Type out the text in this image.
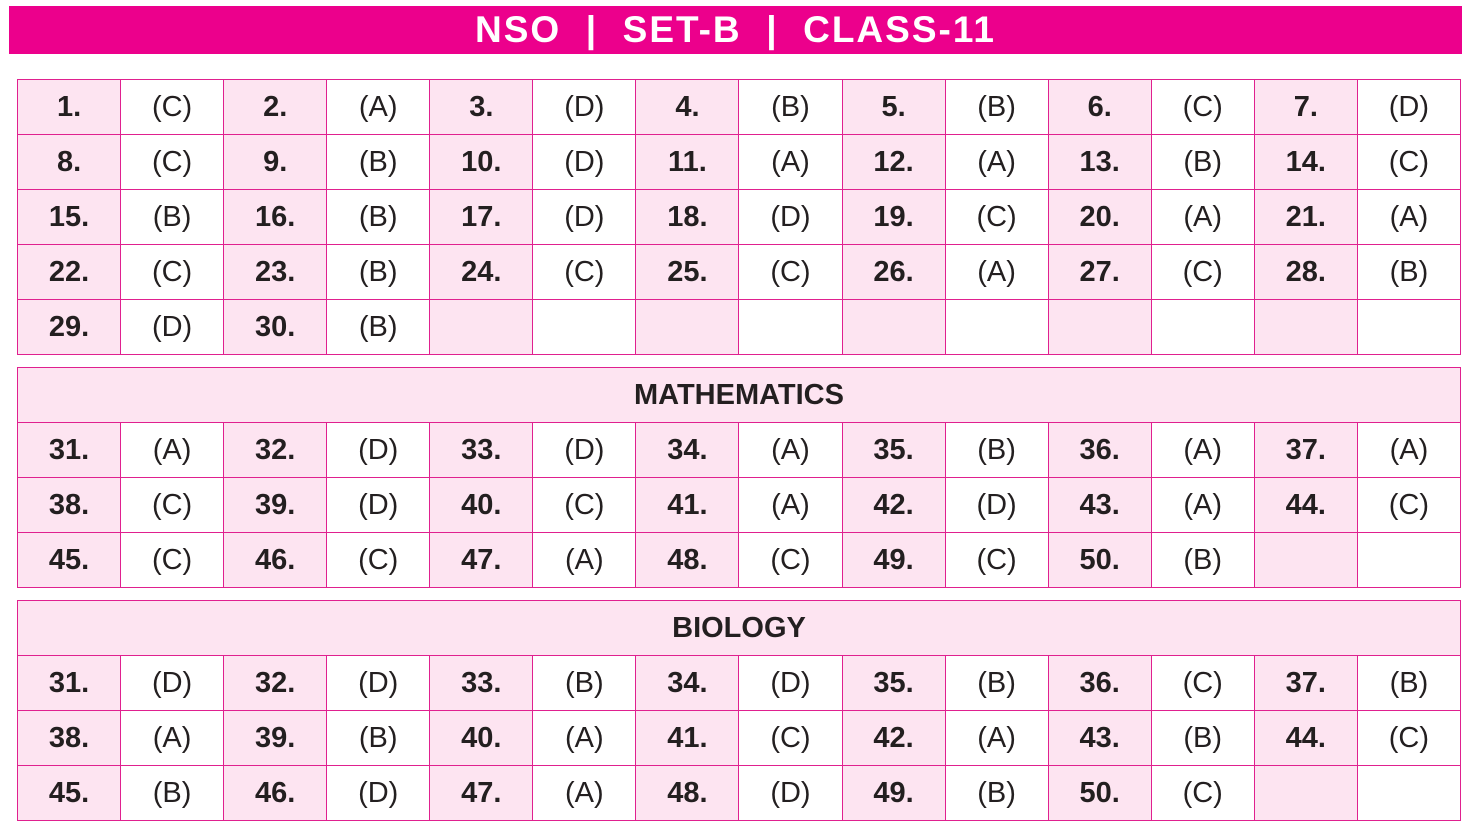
NSO  |  SET-B  |  CLASS-11
1.	(C)	2.	(A)	3.	(D)	4.	(B)	5.	(B)	6.	(C)	7.	(D)
8.	(C)	9.	(B)	10.	(D)	11.	(A)	12.	(A)	13.	(B)	14.	(C)
15.	(B)	16.	(B)	17.	(D)	18.	(D)	19.	(C)	20.	(A)	21.	(A)
22.	(C)	23.	(B)	24.	(C)	25.	(C)	26.	(A)	27.	(C)	28.	(B)
29.	(D)	30.	(B)										
MATHEMATICS													
31.	(A)	32.	(D)	33.	(D)	34.	(A)	35.	(B)	36.	(A)	37.	(A)
38.	(C)	39.	(D)	40.	(C)	41.	(A)	42.	(D)	43.	(A)	44.	(C)
45.	(C)	46.	(C)	47.	(A)	48.	(C)	49.	(C)	50.	(B)		
BIOLOGY													
31.	(D)	32.	(D)	33.	(B)	34.	(D)	35.	(B)	36.	(C)	37.	(B)
38.	(A)	39.	(B)	40.	(A)	41.	(C)	42.	(A)	43.	(B)	44.	(C)
45.	(B)	46.	(D)	47.	(A)	48.	(D)	49.	(B)	50.	(C)		
